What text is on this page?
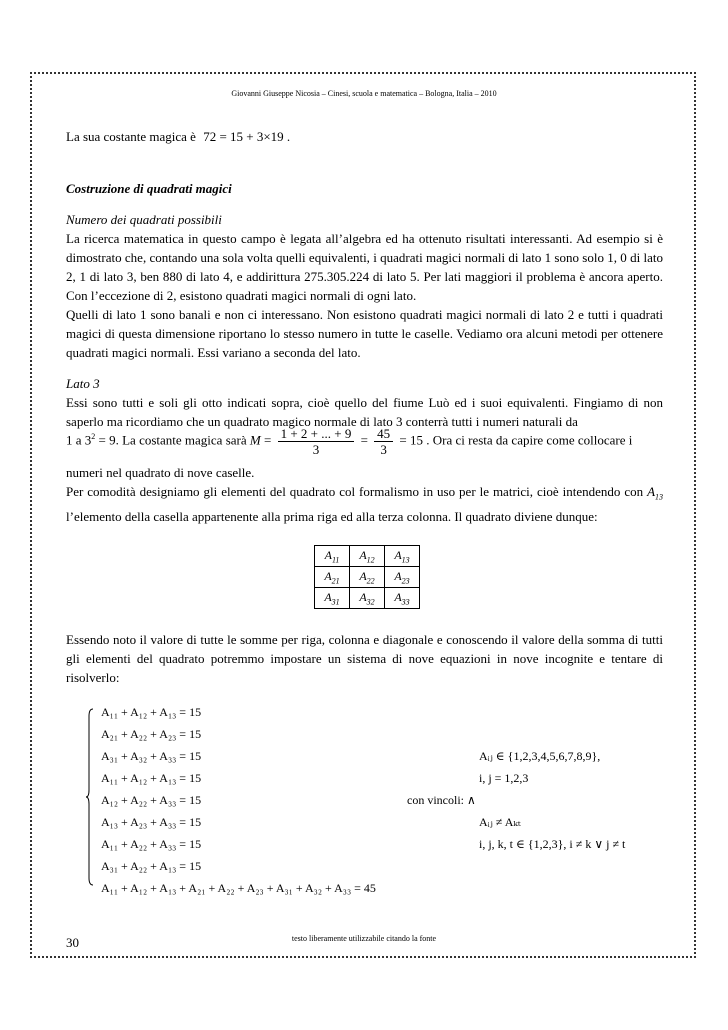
Giovanni Giuseppe Nicosia – Cinesi, scuola e matematica – Bologna, Italia – 2010
La sua costante magica è 72 = 15 + 3×19 .
Costruzione di quadrati magici
Numero dei quadrati possibili
La ricerca matematica in questo campo è legata all’algebra ed ha ottenuto risultati interessanti. Ad esempio si è dimostrato che, contando una sola volta quelli equivalenti, i quadrati magici normali di lato 1 sono solo 1, 0 di lato 2, 1 di lato 3, ben 880 di lato 4, e addirittura 275.305.224 di lato 5. Per lati maggiori il problema è ancora aperto. Con l’eccezione di 2, esistono quadrati magici normali di ogni lato.
Quelli di lato 1 sono banali e non ci interessano. Non esistono quadrati magici normali di lato 2 e tutti i quadrati magici di questa dimensione riportano lo stesso numero in tutte le caselle. Vediamo ora alcuni metodi per ottenere quadrati magici normali. Essi variano a seconda del lato.
Lato 3
Essi sono tutti e soli gli otto indicati sopra, cioè quello del fiume Luò ed i suoi equivalenti. Fingiamo di non saperlo ma ricordiamo che un quadrato magico normale di lato 3 conterrà tutti i numeri naturali da
1 a $3^2 = 9$. La costante magica sarà $M = \frac{1 + 2 + ... + 9}{3} = \frac{45}{3} = 15$ . Ora ci resta da capire come collocare i
numeri nel quadrato di nove caselle.
Per comodità designiamo gli elementi del quadrato col formalismo in uso per le matrici, cioè intendendo con $A_{13}$ l’elemento della casella appartenente alla prima riga ed alla terza colonna. Il quadrato diviene dunque:
$A_{11}$	$A_{12}$	$A_{13}$
$A_{21}$	$A_{22}$	$A_{23}$
$A_{31}$	$A_{32}$	$A_{33}$
Essendo noto il valore di tutte le somme per riga, colonna e diagonale e conoscendo il valore della somma di tutti gli elementi del quadrato potremmo impostare un sistema di nove equazioni in nove incognite e tentare di risolverlo:
A₁₁ + A₁₂ + A₁₃ = 15
A₂₁ + A₂₂ + A₂₃ = 15
A₃₁ + A₃₂ + A₃₃ = 15
A₁₁ + A₁₂ + A₁₃ = 15
A₁₂ + A₂₂ + A₃₃ = 15
A₁₃ + A₂₃ + A₃₃ = 15
A₁₁ + A₂₂ + A₃₃ = 15
A₃₁ + A₂₂ + A₁₃ = 15
A₁₁ + A₁₂ + A₁₃ + A₂₁ + A₂₂ + A₂₃ + A₃₁ + A₃₂ + A₃₃ = 45
con vincoli: ∧
Aᵢⱼ ∈ {1,2,3,4,5,6,7,8,9},
i, j = 1,2,3
Aᵢⱼ ≠ Aₖₜ
i, j, k, t ∈ {1,2,3}, i ≠ k ∨ j ≠ t
30	testo liberamente utilizzabile citando la fonte
